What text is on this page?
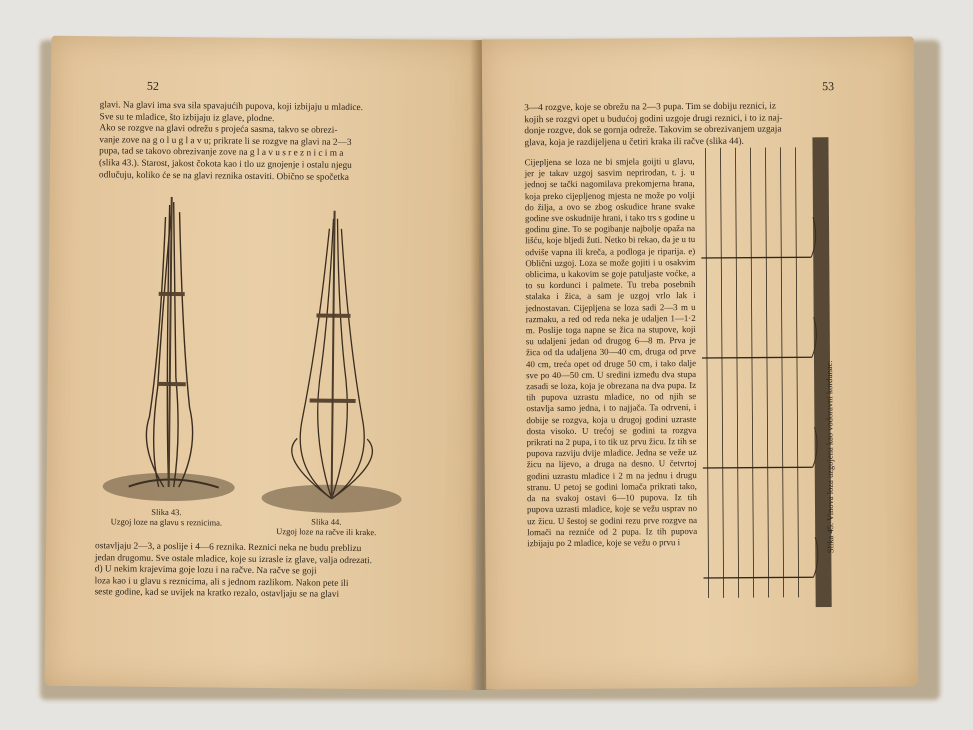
52
glavi. Na glavi ima sva sila spavajućih pupova, koji izbijaju u mladice.
Sve su te mladice, što izbijaju iz glave, plodne.
Ako se rozgve na glavi odrežu s projeća sasma, takvo se obrezi-
vanje zove na g o l u g l a v u; prikrate li se rozgve na glavi na 2—3
pupa, tad se takovo obrezivanje zove na g l a v u s r e z n i c i m a
(slika 43.). Starost, jakost čokota kao i tlo uz gnojenje i ostalu njegu
odlučuju, koliko će se na glavi reznika ostaviti. Obično se spočetka
Slika 43.
Uzgoj loze na glavu s reznicima.	Slika 44.
Uzgoj loze na račve ili krake.
ostavljaju 2—3, a poslije i 4—6 reznika. Reznici neka ne budu preblizu
jedan drugomu. Sve ostale mladice, koje su izrasle iz glave, valja odrezati.
d) U nekim krajevima goje lozu i na račve. Na račve se goji
loza kao i u glavu s reznicima, ali s jednom razlikom. Nakon pete ili
seste godine, kad se uvijek na kratko rezalo, ostavljaju se na glavi
53
3—4 rozgve, koje se obrežu na 2—3 pupa. Tim se dobiju reznici, iz
kojih se rozgvi opet u budućoj godini uzgoje drugi reznici, i to iz naj-
donje rozgve, dok se gornja odreže. Takovim se obrezivanjem uzgaja
glava, koja je razdijeljena u četiri kraka ili račve (slika 44).
Cijepljena se loza ne bi smjela goijti u glavu, jer je takav uzgoj sasvim neprirodan, t. j. u jednoj se tački nagomilava prekomjerna hrana, koja preko cijepljenog mjesta ne može po volji do žilja, a ovo se zbog oskudice hrane svake godine sve oskudnije hrani, i tako trs s godine u godinu gine. To se pogibanje najbolje opaža na lišću, koje bljedi žuti. Netko bi rekao, da je u tu odviše vapna ili kreča, a podloga je riparija. e) Oblični uzgoj. Loza se može gojiti i u osakvim oblicima, u kakovim se goje patuljaste voćke, a to su kordunci i palmete. Tu treba posebnih stalaka i žica, a sam je uzgoj vrlo lak i jednostavan. Cijepljena se loza sadi 2—3 m u razmaku, a red od reda neka je udaljen 1—1·2 m. Poslije toga napne se žica na stupove, koji su udaljeni jedan od drugog 6—8 m. Prva je žica od tla udaljena 30—40 cm, druga od prve 40 cm, treća opet od druge 50 cm, i tako dalje sve po 40—50 cm. U sredini između dva stupa zasadi se loza, koja je obrezana na dva pupa. Iz tih pupova uzrastu mladice, no od njih se ostavlja samo jedna, i to najjača. Ta odrveni, i dobije se rozgva, koja u drugoj godini uzraste dosta visoko. U trećoj se godini ta rozgva prikrati na 2 pupa, i to tik uz prvu žicu. Iz tih se pupova razviju dvije mladice. Jedna se veže uz žicu na lijevo, a druga na desno. U četvrtoj godini uzrastu mladice i 2 m na jednu i drugu stranu. U petoj se godini lomača prikrati tako, da na svakoj ostavi 6—10 pupova. Iz tih pupova uzrasti mladice, koje se vežu usprav no uz žicu. U šestoj se godini rezu prve rozgve na lomači na rezniće od 2 pupa. Iz tih pupova izbijaju po 2 mladice, koje se vežu o prvu i	Slika 45. Vinova loza uzgojena kao vodoravni kordunac.
